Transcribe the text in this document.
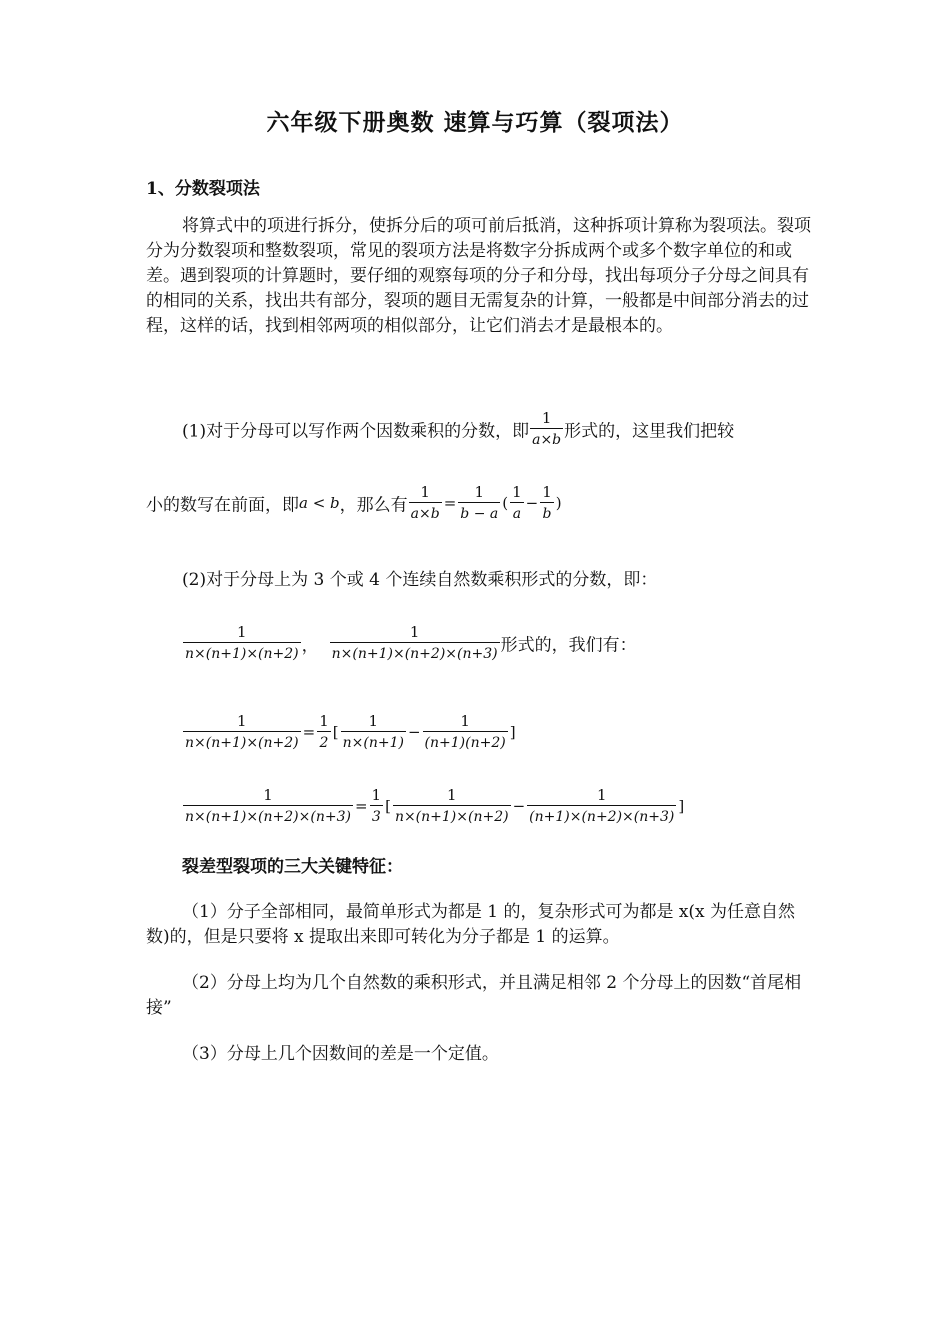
六年级下册奥数 速算与巧算（裂项法）
1、分数裂项法
将算式中的项进行拆分，使拆分后的项可前后抵消，这种拆项计算称为裂项法。裂项分为分数裂项和整数裂项，常见的裂项方法是将数字分拆成两个或多个数字单位的和或差。遇到裂项的计算题时，要仔细的观察每项的分子和分母，找出每项分子分母之间具有的相同的关系，找出共有部分，裂项的题目无需复杂的计算，一般都是中间部分消去的过程，这样的话，找到相邻两项的相似部分，让它们消去才是最根本的。
(1)对于分母可以写作两个因数乘积的分数，即 $\frac{1}{a\times b}$ 形式的，这里我们把较
小的数写在前面，即a < b，那么有 $\frac{1}{a\times b} = \frac{1}{b - a}$ ( $\frac{1}{a} - \frac{1}{b}$ )
(2)对于分母上为 3 个或 4 个连续自然数乘积形式的分数，即：
$\frac{1}{n\times(n+1)\times(n+2)}$ ， $\frac{1}{n\times(n+1)\times(n+2)\times(n+3)}$ 形式的，我们有：
$\frac{1}{n\times(n+1)\times(n+2)} = \frac{1}{2}$ [ $\frac{1}{n\times(n+1)} - \frac{1}{(n+1)(n+2)}$ ]
$\frac{1}{n\times(n+1)\times(n+2)\times(n+3)} = \frac{1}{3}$ [ $\frac{1}{n\times(n+1)\times(n+2)} - \frac{1}{(n+1)\times(n+2)\times(n+3)}$ ]
裂差型裂项的三大关键特征：
（1）分子全部相同，最简单形式为都是 1 的，复杂形式可为都是 x(x 为任意自然数)的，但是只要将 x 提取出来即可转化为分子都是 1 的运算。
（2）分母上均为几个自然数的乘积形式，并且满足相邻 2 个分母上的因数“首尾相接”
（3）分母上几个因数间的差是一个定值。
